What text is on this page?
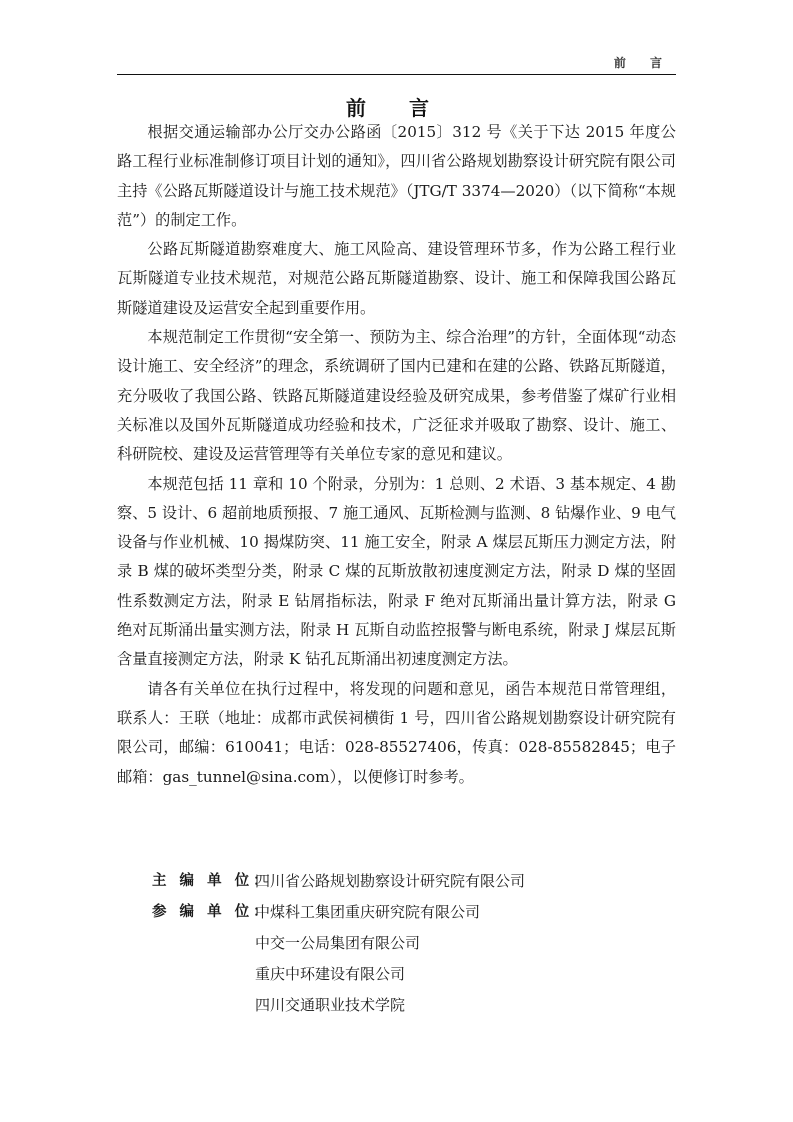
前 言
前 言

根据交通运输部办公厅交办公路函〔2015〕312 号《关于下达 2015 年度公路工程行业标准制修订项目计划的通知》，四川省公路规划勘察设计研究院有限公司主持《公路瓦斯隧道设计与施工技术规范》（JTG/T 3374—2020）（以下简称“本规范”）的制定工作。

公路瓦斯隧道勘察难度大、施工风险高、建设管理环节多，作为公路工程行业瓦斯隧道专业技术规范，对规范公路瓦斯隧道勘察、设计、施工和保障我国公路瓦斯隧道建设及运营安全起到重要作用。

本规范制定工作贯彻“安全第一、预防为主、综合治理”的方针，全面体现“动态设计施工、安全经济”的理念，系统调研了国内已建和在建的公路、铁路瓦斯隧道，充分吸收了我国公路、铁路瓦斯隧道建设经验及研究成果，参考借鉴了煤矿行业相关标准以及国外瓦斯隧道成功经验和技术，广泛征求并吸取了勘察、设计、施工、科研院校、建设及运营管理等有关单位专家的意见和建议。

本规范包括 11 章和 10 个附录，分别为：1 总则、2 术语、3 基本规定、4 勘察、5 设计、6 超前地质预报、7 施工通风、瓦斯检测与监测、8 钻爆作业、9 电气设备与作业机械、10 揭煤防突、11 施工安全，附录 A 煤层瓦斯压力测定方法，附录 B 煤的破坏类型分类，附录 C 煤的瓦斯放散初速度测定方法，附录 D 煤的坚固性系数测定方法，附录 E 钻屑指标法，附录 F 绝对瓦斯涌出量计算方法，附录 G 绝对瓦斯涌出量实测方法，附录 H 瓦斯自动监控报警与断电系统，附录 J 煤层瓦斯含量直接测定方法，附录 K 钻孔瓦斯涌出初速度测定方法。

请各有关单位在执行过程中，将发现的问题和意见，函告本规范日常管理组，联系人：王联（地址：成都市武侯祠横街 1 号，四川省公路规划勘察设计研究院有限公司，邮编：610041；电话：028-85527406，传真：028-85582845；电子邮箱：gas_tunnel@sina.com），以便修订时参考。

主 编 单 位：
四川省公路规划勘察设计研究院有限公司
参 编 单 位：
中煤科工集团重庆研究院有限公司
中交一公局集团有限公司
重庆中环建设有限公司
四川交通职业技术学院
